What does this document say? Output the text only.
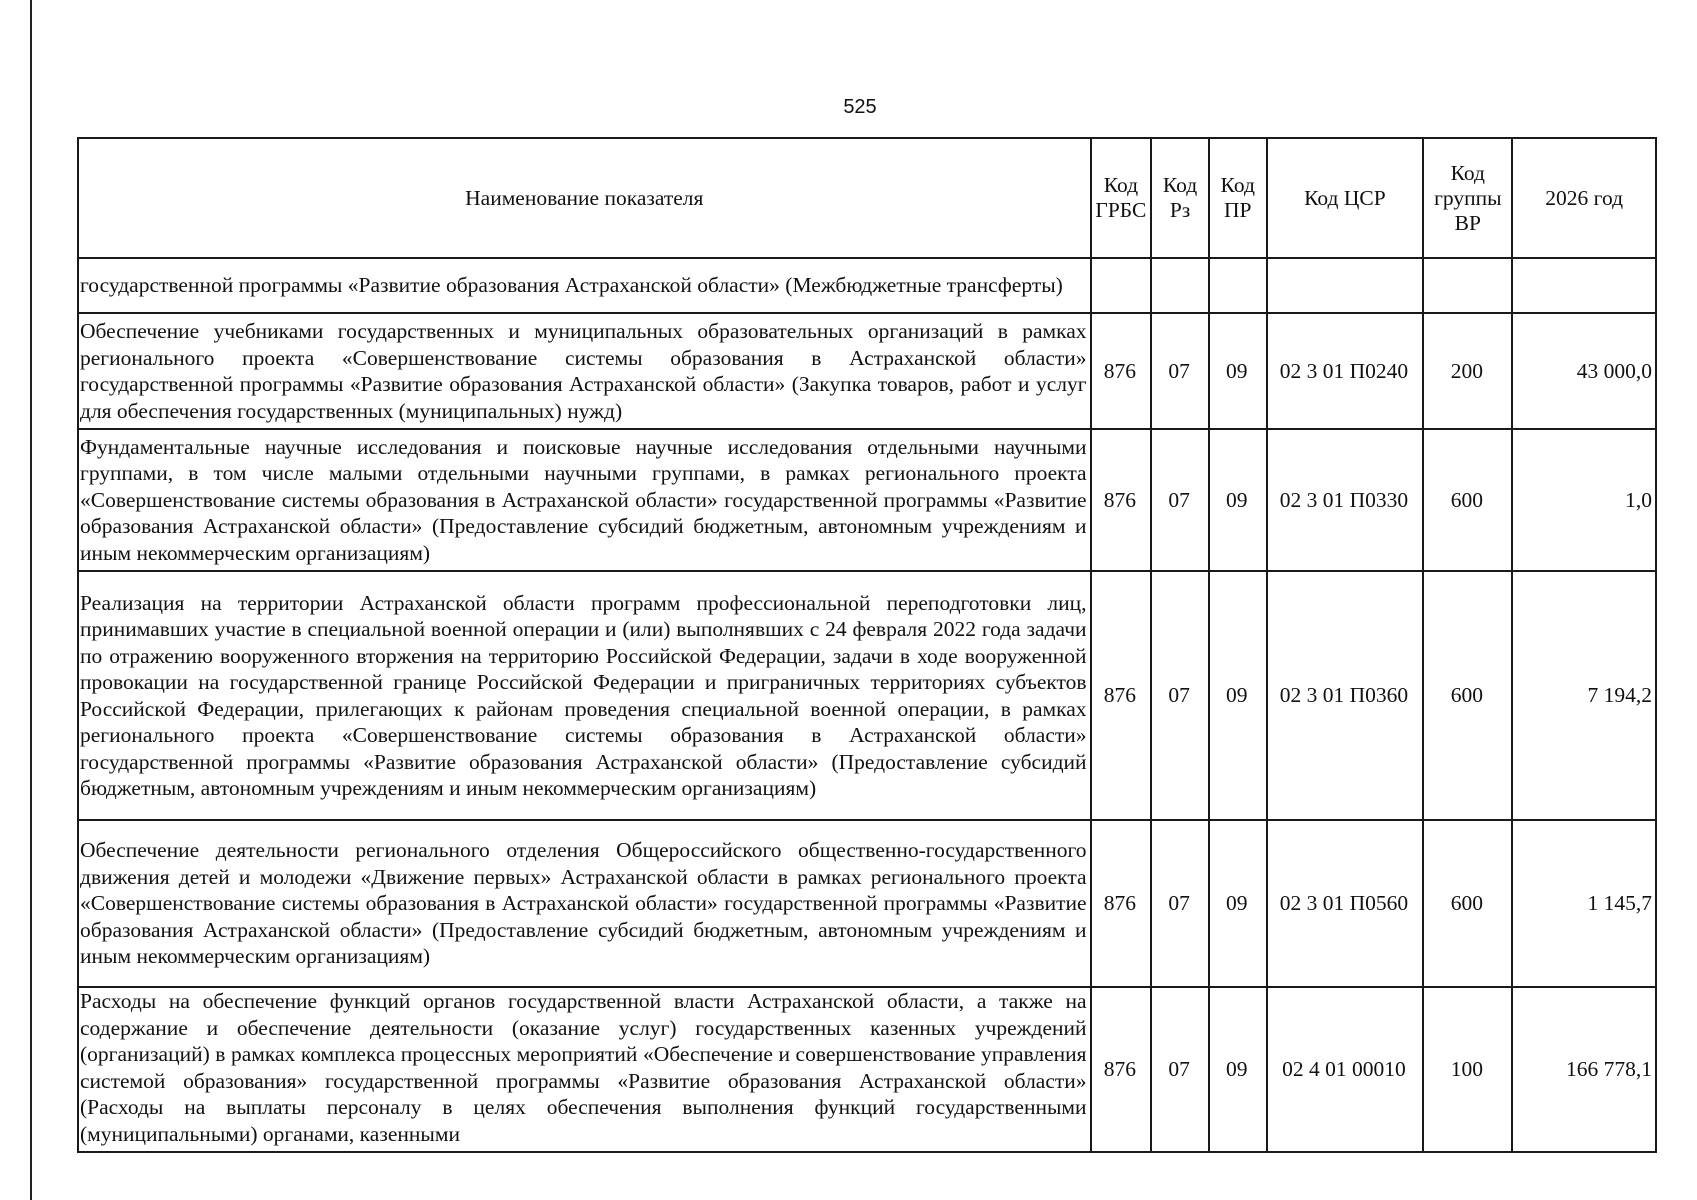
525
Наименование показателя	Код ГРБС	Код Рз	Код ПР	Код ЦСР	Код группы ВР	2026 год
государственной программы «Развитие образования Астраханской области» (Межбюджетные трансферты)						
Обеспечение учебниками государственных и муниципальных образовательных организаций в рамках регионального проекта «Совершенствование системы образования в Астраханской области» государственной программы «Развитие образования Астраханской области» (Закупка товаров, работ и услуг для обеспечения государственных (муниципальных) нужд)	876	07	09	02 3 01 П0240	200	43 000,0
Фундаментальные научные исследования и поисковые научные исследования отдельными научными группами, в том числе малыми отдельными научными группами, в рамках регионального проекта «Совершенствование системы образования в Астраханской области» государственной программы «Развитие образования Астраханской области» (Предоставление субсидий бюджетным, автономным учреждениям и иным некоммерческим организациям)	876	07	09	02 3 01 П0330	600	1,0
Реализация на территории Астраханской области программ профессиональной переподготовки лиц, принимавших участие в специальной военной операции и (или) выполнявших с 24 февраля 2022 года задачи по отражению вооруженного вторжения на территорию Российской Федерации, задачи в ходе вооруженной провокации на государственной границе Российской Федерации и приграничных территориях субъектов Российской Федерации, прилегающих к районам проведения специальной военной операции, в рамках регионального проекта «Совершенствование системы образования в Астраханской области» государственной программы «Развитие образования Астраханской области» (Предоставление субсидий бюджетным, автономным учреждениям и иным некоммерческим организациям)	876	07	09	02 3 01 П0360	600	7 194,2
Обеспечение деятельности регионального отделения Общероссийского общественно-государственного движения детей и молодежи «Движение первых» Астраханской области в рамках регионального проекта «Совершенствование системы образования в Астраханской области» государственной программы «Развитие образования Астраханской области» (Предоставление субсидий бюджетным, автономным учреждениям и иным некоммерческим организациям)	876	07	09	02 3 01 П0560	600	1 145,7
Расходы на обеспечение функций органов государственной власти Астраханской области, а также на содержание и обеспечение деятельности (оказание услуг) государственных казенных учреждений (организаций) в рамках комплекса процессных мероприятий «Обеспечение и совершенствование управления системой образования» государственной программы «Развитие образования Астраханской области» (Расходы на выплаты персоналу в целях обеспечения выполнения функций государственными (муниципальными) органами, казенными	876	07	09	02 4 01 00010	100	166 778,1
